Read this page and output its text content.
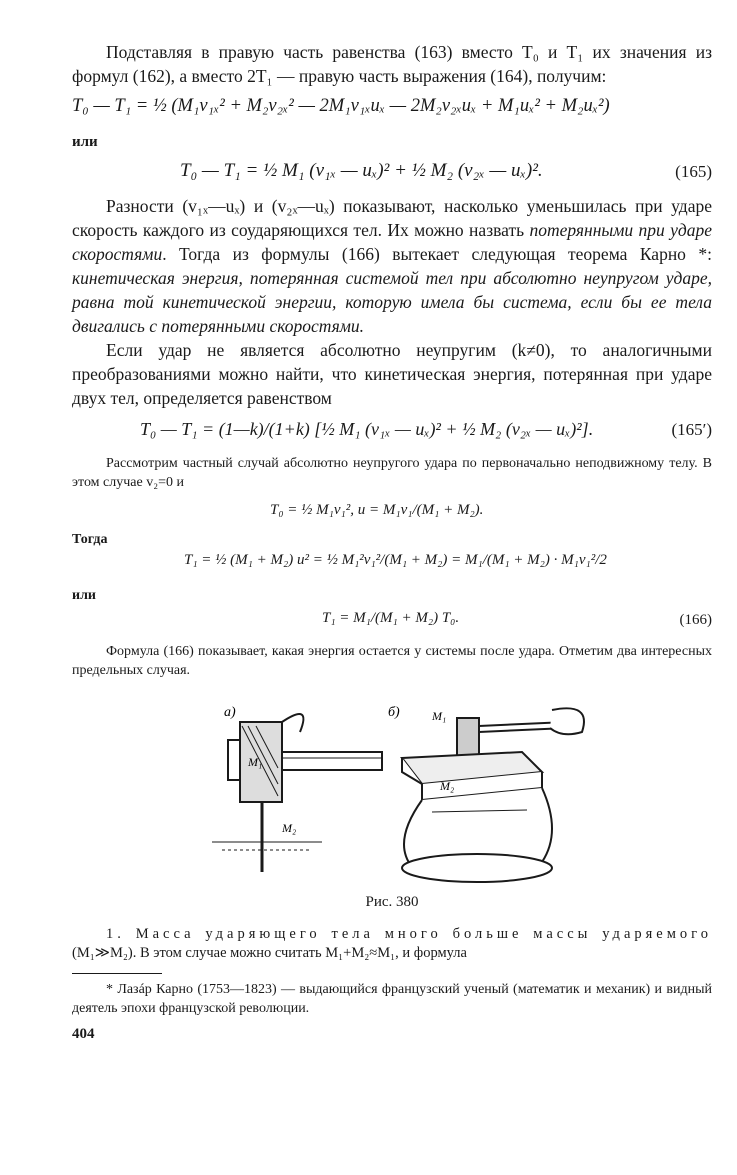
Подставляя в правую часть равенства (163) вместо T₀ и T₁ их значения из формул (162), а вместо 2T₁ — правую часть выражения (164), получим:

T₀ — T₁ = ½ (M₁v₁ₓ² + M₂v₂ₓ² — 2M₁v₁ₓuₓ — 2M₂v₂ₓuₓ + M₁uₓ² + M₂uₓ²)
или
T₀ — T₁ = ½ M₁ (v₁ₓ — uₓ)² + ½ M₂ (v₂ₓ — uₓ)².	(165)

Разности (v₁ₓ—uₓ) и (v₂ₓ—uₓ) показывают, насколько уменьшилась при ударе скорость каждого из соударяющихся тел. Их можно назвать потерянными при ударе скоростями. Тогда из формулы (166) вытекает следующая теорема Карно *: кинетическая энергия, потерянная системой тел при абсолютно неупругом ударе, равна той кинетической энергии, которую имела бы система, если бы ее тела двигались с потерянными скоростями.

Если удар не является абсолютно неупругим (k≠0), то аналогичными преобразованиями можно найти, что кинетическая энергия, потерянная при ударе двух тел, определяется равенством

T₀ — T₁ = (1—k)/(1+k) [½ M₁ (v₁ₓ — uₓ)² + ½ M₂ (v₂ₓ — uₓ)²].	(165′)

Рассмотрим частный случай абсолютно неупругого удара по первоначально неподвижному телу. В этом случае v₂=0 и

T₀ = ½ M₁v₁², u = M₁v₁/(M₁ + M₂).
Тогда
T₁ = ½ (M₁ + M₂) u² = ½ M₁²v₁²/(M₁ + M₂) = M₁/(M₁ + M₂) · M₁v₁²/2
или
T₁ = M₁/(M₁ + M₂) T₀.	(166)

Формула (166) показывает, какая энергия остается у системы после удара. Отметим два интересных предельных случая.

а)	б)
M₁
M₂
M₁
M₂
Рис. 380

1. Масса ударяющего тела много больше массы ударяемого (M₁≫M₂). В этом случае можно считать M₁+M₂≈M₁, и формула

* Лазáр Карно (1753—1823) — выдающийся французский ученый (математик и механик) и видный деятель эпохи французской революции.

404
